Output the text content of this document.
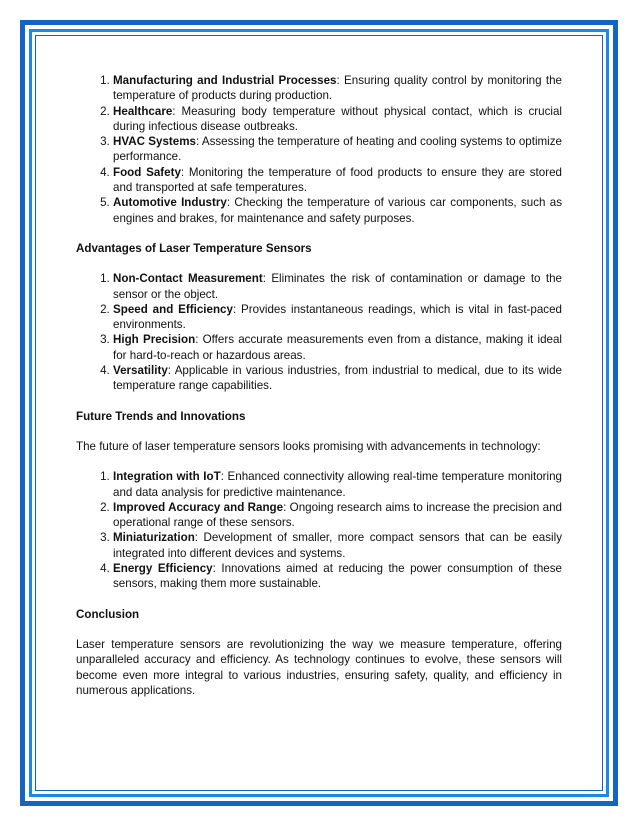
1. Manufacturing and Industrial Processes: Ensuring quality control by monitoring the temperature of products during production.
2. Healthcare: Measuring body temperature without physical contact, which is crucial during infectious disease outbreaks.
3. HVAC Systems: Assessing the temperature of heating and cooling systems to optimize performance.
4. Food Safety: Monitoring the temperature of food products to ensure they are stored and transported at safe temperatures.
5. Automotive Industry: Checking the temperature of various car components, such as engines and brakes, for maintenance and safety purposes.
Advantages of Laser Temperature Sensors
1. Non-Contact Measurement: Eliminates the risk of contamination or damage to the sensor or the object.
2. Speed and Efficiency: Provides instantaneous readings, which is vital in fast-paced environments.
3. High Precision: Offers accurate measurements even from a distance, making it ideal for hard-to-reach or hazardous areas.
4. Versatility: Applicable in various industries, from industrial to medical, due to its wide temperature range capabilities.
Future Trends and Innovations

The future of laser temperature sensors looks promising with advancements in technology:

1. Integration with IoT: Enhanced connectivity allowing real-time temperature monitoring and data analysis for predictive maintenance.
2. Improved Accuracy and Range: Ongoing research aims to increase the precision and operational range of these sensors.
3. Miniaturization: Development of smaller, more compact sensors that can be easily integrated into different devices and systems.
4. Energy Efficiency: Innovations aimed at reducing the power consumption of these sensors, making them more sustainable.
Conclusion

Laser temperature sensors are revolutionizing the way we measure temperature, offering unparalleled accuracy and efficiency. As technology continues to evolve, these sensors will become even more integral to various industries, ensuring safety, quality, and efficiency in numerous applications.
